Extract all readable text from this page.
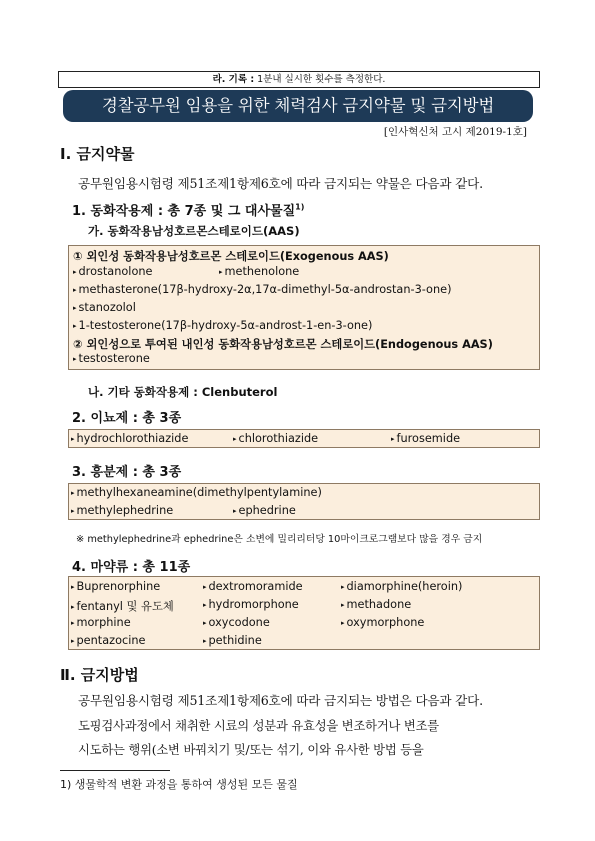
라. 기록 : 1분내 실시한 횟수를 측정한다.
경찰공무원 임용을 위한 체력검사 금지약물 및 금지방법
[인사혁신처 고시 제2019-1호]
Ⅰ. 금지약물
공무원임용시험령 제51조제1항제6호에 따라 금지되는 약물은 다음과 같다.
1. 동화작용제 : 총 7종 및 그 대사물질$^{1)}$
가. 동화작용남성호르몬스테로이드(AAS)
① 외인성 동화작용남성호르몬 스테로이드(Exogenous AAS)
▸ drostanolone	▸ methenolone
▸ methasterone(17β-hydroxy-2α,17α-dimethyl-5α-androstan-3-one)
▸ stanozolol
▸ 1-testosterone(17β-hydroxy-5α-androst-1-en-3-one)
② 외인성으로 투여된 내인성 동화작용남성호르몬 스테로이드(Endogenous AAS)
▸ testosterone
나. 기타 동화작용제 : Clenbuterol
2. 이뇨제 : 총 3종
▸ hydrochlorothiazide	▸ chlorothiazide	▸ furosemide
3. 흥분제 : 총 3종
▸ methylhexaneamine(dimethylpentylamine)
▸ methylephedrine	▸ ephedrine
※ methylephedrine과 ephedrine은 소변에 밀리리터당 10마이크로그램보다 많을 경우 금지
4. 마약류 : 총 11종
▸ Buprenorphine	▸ dextromoramide	▸ diamorphine(heroin)
▸ fentanyl 및 유도체	▸ hydromorphone	▸ methadone
▸ morphine	▸ oxycodone	▸ oxymorphone
▸ pentazocine	▸ pethidine
Ⅱ. 금지방법
공무원임용시험령 제51조제1항제6호에 따라 금지되는 방법은 다음과 같다.
도핑검사과정에서 채취한 시료의 성분과 유효성을 변조하거나 변조를
시도하는 행위(소변 바꿔치기 및/또는 섞기, 이와 유사한 방법 등을
1) 생물학적 변환 과정을 통하여 생성된 모든 물질
